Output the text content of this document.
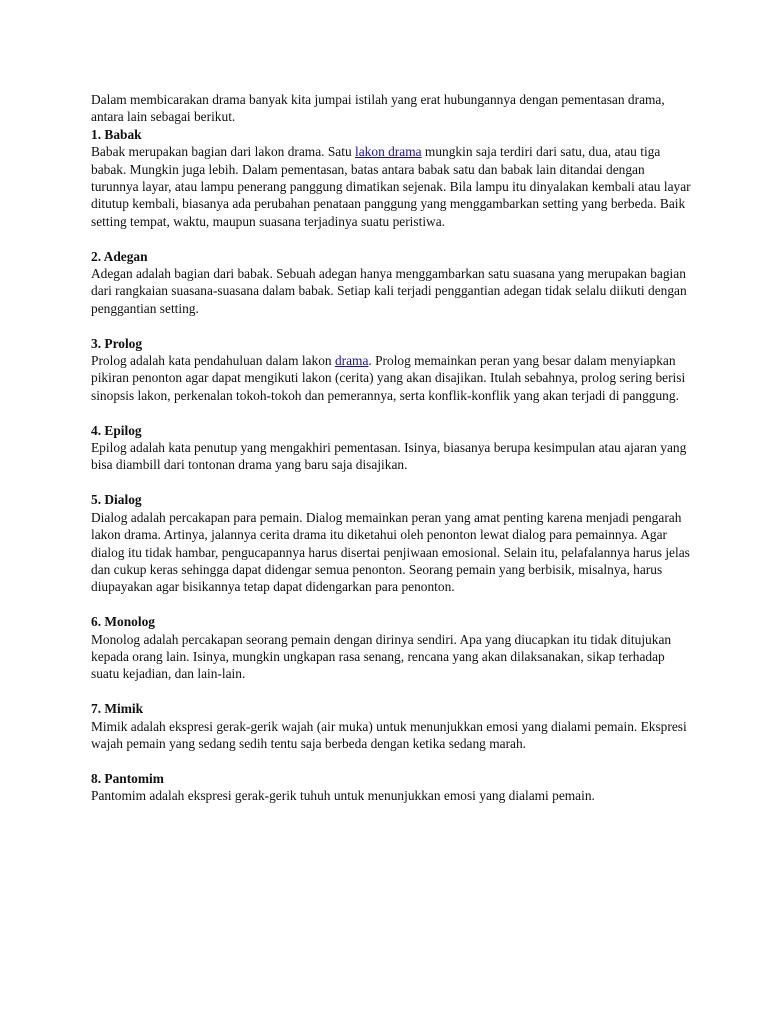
Dalam membicarakan drama banyak kita jumpai istilah yang erat hubungannya dengan pementasan drama, antara lain sebagai berikut.

1. Babak

Babak merupakan bagian dari lakon drama. Satu lakon drama mungkin saja terdiri dari satu, dua, atau tiga babak. Mungkin juga lebih. Dalam pementasan, batas antara babak satu dan babak lain ditandai dengan turunnya layar, atau lampu penerang panggung dimatikan sejenak. Bila lampu itu dinyalakan kembali atau layar ditutup kembali, biasanya ada perubahan penataan panggung yang menggambarkan setting yang berbeda. Baik setting tempat, waktu, maupun suasana terjadinya suatu peristiwa.

2. Adegan

Adegan adalah bagian dari babak. Sebuah adegan hanya menggambarkan satu suasana yang merupakan bagian dari rangkaian suasana-suasana dalam babak. Setiap kali terjadi penggantian adegan tidak selalu diikuti dengan penggantian setting.

3. Prolog

Prolog adalah kata pendahuluan dalam lakon drama. Prolog memainkan peran yang besar dalam menyiapkan pikiran penonton agar dapat mengikuti lakon (cerita) yang akan disajikan. Itulah sebahnya, prolog sering berisi sinopsis lakon, perkenalan tokoh-tokoh dan pemerannya, serta konflik-konflik yang akan terjadi di panggung.

4. Epilog

Epilog adalah kata penutup yang mengakhiri pementasan. Isinya, biasanya berupa kesimpulan atau ajaran yang bisa diambill dari tontonan drama yang baru saja disajikan.

5. Dialog

Dialog adalah percakapan para pemain. Dialog memainkan peran yang amat penting karena menjadi pengarah lakon drama. Artinya, jalannya cerita drama itu diketahui oleh penonton lewat dialog para pemainnya. Agar dialog itu tidak hambar, pengucapannya harus disertai penjiwaan emosional. Selain itu, pelafalannya harus jelas dan cukup keras sehingga dapat didengar semua penonton. Seorang pemain yang berbisik, misalnya, harus diupayakan agar bisikannya tetap dapat didengarkan para penonton.

6. Monolog

Monolog adalah percakapan seorang pemain dengan dirinya sendiri. Apa yang diucapkan itu tidak ditujukan kepada orang lain. Isinya, mungkin ungkapan rasa senang, rencana yang akan dilaksanakan, sikap terhadap suatu kejadian, dan lain-lain.

7. Mimik

Mimik adalah ekspresi gerak-gerik wajah (air muka) untuk menunjukkan emosi yang dialami pemain. Ekspresi wajah pemain yang sedang sedih tentu saja berbeda dengan ketika sedang marah.

8. Pantomim

Pantomim adalah ekspresi gerak-gerik tuhuh untuk menunjukkan emosi yang dialami pemain.
